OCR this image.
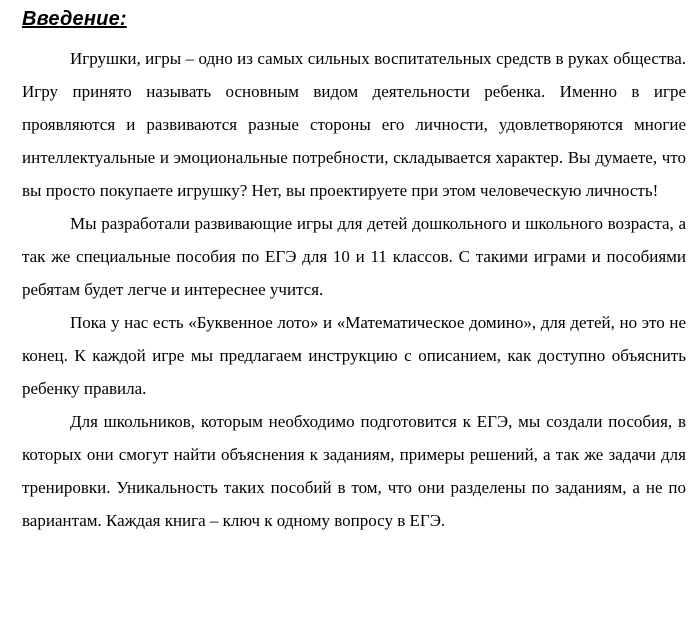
Введение:

Игрушки, игры – одно из самых сильных воспитательных средств в руках общества. Игру принято называть основным видом деятельности ребенка. Именно в игре проявляются и развиваются разные стороны его личности, удовлетворяются многие интеллектуальные и эмоциональные потребности, складывается характер. Вы думаете, что вы просто покупаете игрушку? Нет, вы проектируете при этом человеческую личность!

Мы разработали развивающие игры для детей дошкольного и школьного возраста, а так же специальные пособия по ЕГЭ для 10 и 11 классов. С такими играми и пособиями ребятам будет легче и интереснее учится.

Пока у нас есть «Буквенное лото» и «Математическое домино», для детей, но это не конец. К каждой игре мы предлагаем инструкцию с описанием, как доступно объяснить ребенку правила.

Для школьников, которым необходимо подготовится к ЕГЭ, мы создали пособия, в которых они смогут найти объяснения к заданиям, примеры решений, а так же задачи для тренировки. Уникальность таких пособий в том, что они разделены по заданиям, а не по вариантам. Каждая книга – ключ к одному вопросу в ЕГЭ.
